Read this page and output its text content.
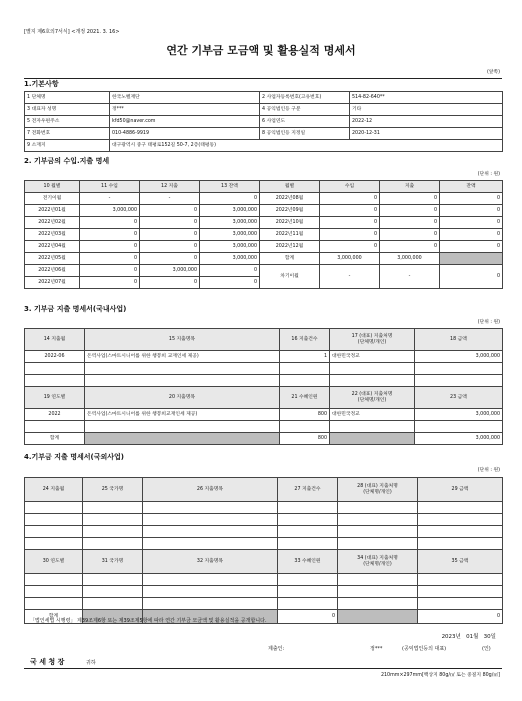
[별지 제6호의7서식] <개정 2021. 3. 16>
연간 기부금 모금액 및 활용실적 명세서
(앞쪽)
1.기본사항
1 단체명	한국노벨재단	2 사업자등록번호(고유번호)	514-82-640**
3 대표자 성명	정***	4 공익법인등 구분	기타
5 전자우편주소	kfd50@naver.com	6 사업연도	2022-12
7 전화번호	010-4886-9919	8 공익법인등 지정일	2020-12-31
9 소재지	대구광역시 중구 태평로152길 50-7, 2층(태평동)		
2. 기부금의 수입.지출 명세
(단위 : 원)
10 월별	11 수입	12 지출	13 잔액	월별	수입	지출	잔액
전기이월	-	-	0	2022년08월	0	0	0
2022년01월	3,000,000	0	3,000,000	2022년09월	0	0	0
2022년02월	0	0	3,000,000	2022년10월	0	0	0
2022년03월	0	0	3,000,000	2022년11월	0	0	0
2022년04월	0	0	3,000,000	2022년12월	0	0	0
2022년05월	0	0	3,000,000	합계	3,000,000	3,000,000	
2022년06월	0	3,000,000	0	차기이월	-	-	0
2022년07월	0	0	0				
3. 기부금 지출 명세서(국내사업)
(단위 : 원)
14 지출월	15 지출명목	16 지출건수	17 (대표) 지출처명
(단체명/개인)	18 금액
2022-06	돈역사업(스마트시니어를 위한 챙봉희 교재인세 제공)	1	대한민국정교	3,000,000

19 연도별	20 지출명목	21 수혜인원	22 (대표) 지출처명
(단체명/개인)	23 금액
2022	돈역사업(스마트시니어를 위한 챙봉희교재인세 제공)	800	대한민국정교	3,000,000

합계		800		3,000,000
4.기부금 지출 명세서(국외사업)
(단위 : 원)
24 지출월	25 국가명	26 지출명목	27 지출건수	28 (대표) 지출처명
(단체명/개인)	29 금액

30 연도별	31 국가명	32 지출명목	33 수혜인원	34 (대표) 지출처명
(단체명/개인)	35 금액

합계			0		0
「법인세법 시행령」 제39조제6항 또는 제39조제5항에 따라 연간 기부금 모금액 및 활용실적을 공개합니다.
2023년   01월   30일
제출인:	정***	(공익법인등의 대표)	(인)
국 세 청 장	귀하
210mm×297mm[백상지 80g/㎡ 또는 중질지 80g/㎡]
